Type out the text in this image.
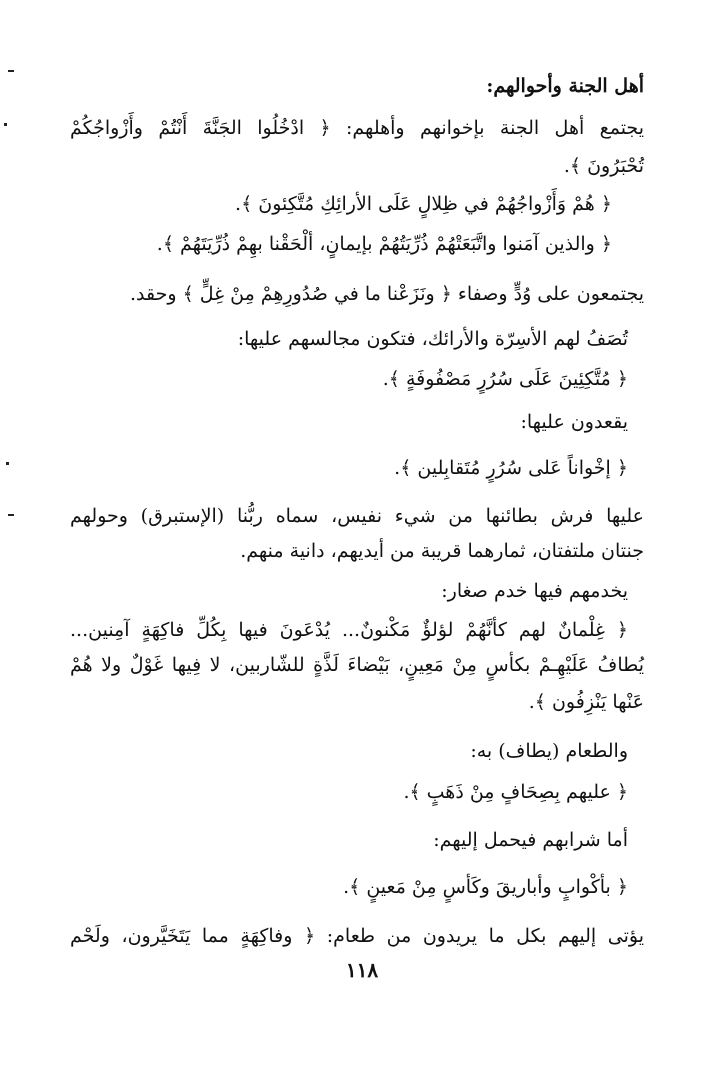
أهل الجنة وأحوالهم:
يجتمع أهل الجنة بإخوانهم وأهلهم: ﴿ ادْخُلُوا الجَنَّةَ أَنْتُمْ وأَزْواجُكُمْ
تُحْبَرُونَ ﴾.
﴿ هُمْ وَأَزْواجُهُمْ في ظِلالٍ عَلَى الأرائِكِ مُتَّكِئونَ ﴾.
﴿ والذين آمَنوا واتَّبَعَتْهُمْ ذُرِّيَتُهُمْ بإيمانٍ، ألْحَقْنا بهِمْ ذُرِّيَتَهُمْ ﴾.
يجتمعون على وُدٍّ وصفاء ﴿ ونَزَعْنا ما في صُدُورِهِمْ مِنْ غِلٍّ ﴾ وحقد.
تُصَفُ لهم الأسِرّة والأرائك، فتكون مجالسهم عليها:
﴿ مُتَّكِئِينَ عَلَى سُرُرٍ مَصْفُوفَةٍ ﴾.
يقعدون عليها:
﴿ إخْواناً عَلى سُرُرٍ مُتَقابِلين ﴾.
عليها فرش بطائنها من شيء نفيس، سماه ربُّنا (الإستبرق) وحولهم
جنتان ملتفتان، ثمارهما قريبة من أيديهم، دانية منهم.
يخدمهم فيها خدم صغار:
﴿ غِلْمانٌ لهم كأنَّهُمْ لؤلؤٌ مَكْنونٌ... يُدْعَونَ فيها بِكُلِّ فاكِهَةٍ آمِنين...
يُطافُ عَلَيْهِـمْ بكأسٍ مِنْ مَعِينٍ، بَيْضاءَ لَذَّةٍ للشّاربين، لا فِيها غَوْلٌ ولا هُمْ
عَنْها يَنْزِفُون ﴾.
والطعام (يطاف) به:
﴿ عليهم بِصِحَافٍ مِنْ ذَهَبٍ ﴾.
أما شرابهم فيحمل إليهم:
﴿ بأكْوابٍ وأباريقَ وكَأسٍ مِنْ مَعينٍ ﴾.
يؤتى إليهم بكل ما يريدون من طعام: ﴿ وفاكِهَةٍ مما يَتَخَيَّرون، ولَحْم
١١٨
